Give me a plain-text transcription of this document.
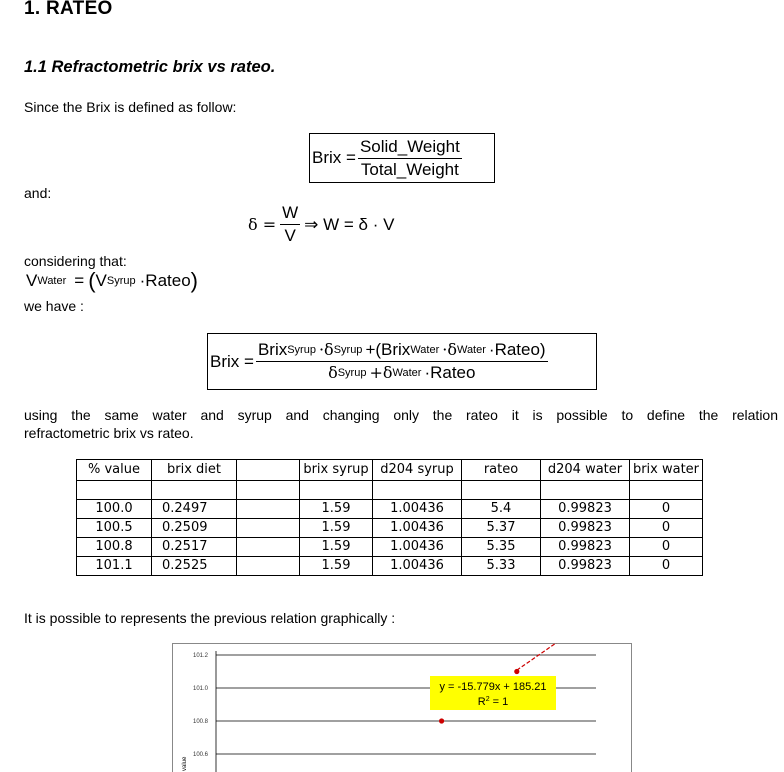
1. RATEO
1.1 Refractometric brix vs rateo.
Since the Brix is defined as follow:
Brix = $\frac{\text{Solid\_Weight}}{\text{Total\_Weight}}$
and:
$\delta = \frac{W}{V}$ ⇒ W = δ · V
considering that:
V Water = ( V Syrup ·Rateo )
we have :
Brix =
Brix Syrup ·δ Syrup +(Brix Water ·δ Water ·Rateo)
δ Syrup +δ Water ·Rateo
using the same water and syrup and changing only the rateo it is possible to define the relation
refractometric brix vs rateo.
% value	brix diet		brix syrup	d204 syrup	rateo	d204 water	brix water

100.0	0.2497		1.59	1.00436	5.4	0.99823	0
100.5	0.2509		1.59	1.00436	5.37	0.99823	0
100.8	0.2517		1.59	1.00436	5.35	0.99823	0
101.1	0.2525		1.59	1.00436	5.33	0.99823	0
It is possible to represents the previous relation graphically :
101.2
101.0
100.8
100.6
y = -15.779x + 185.21
$R^2 = 1$
value
